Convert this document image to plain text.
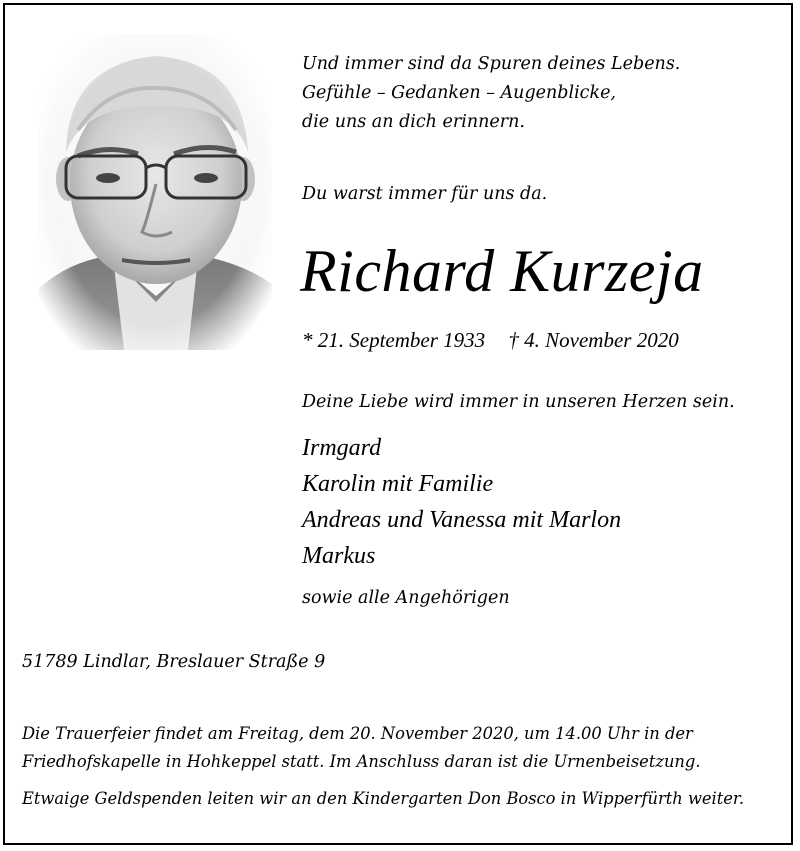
Und immer sind da Spuren deines Lebens.
Gefühle – Gedanken – Augenblicke,
die uns an dich erinnern.
Du warst immer für uns da.
Richard Kurzeja
* 21. September 1933 † 4. November 2020
Deine Liebe wird immer in unseren Herzen sein.
Irmgard
Karolin mit Familie
Andreas und Vanessa mit Marlon
Markus
sowie alle Angehörigen
51789 Lindlar, Breslauer Straße 9
Die Trauerfeier findet am Freitag, dem 20. November 2020, um 14.00 Uhr in der
Friedhofskapelle in Hohkeppel statt. Im Anschluss daran ist die Urnenbeisetzung.
Etwaige Geldspenden leiten wir an den Kindergarten Don Bosco in Wipperfürth weiter.
